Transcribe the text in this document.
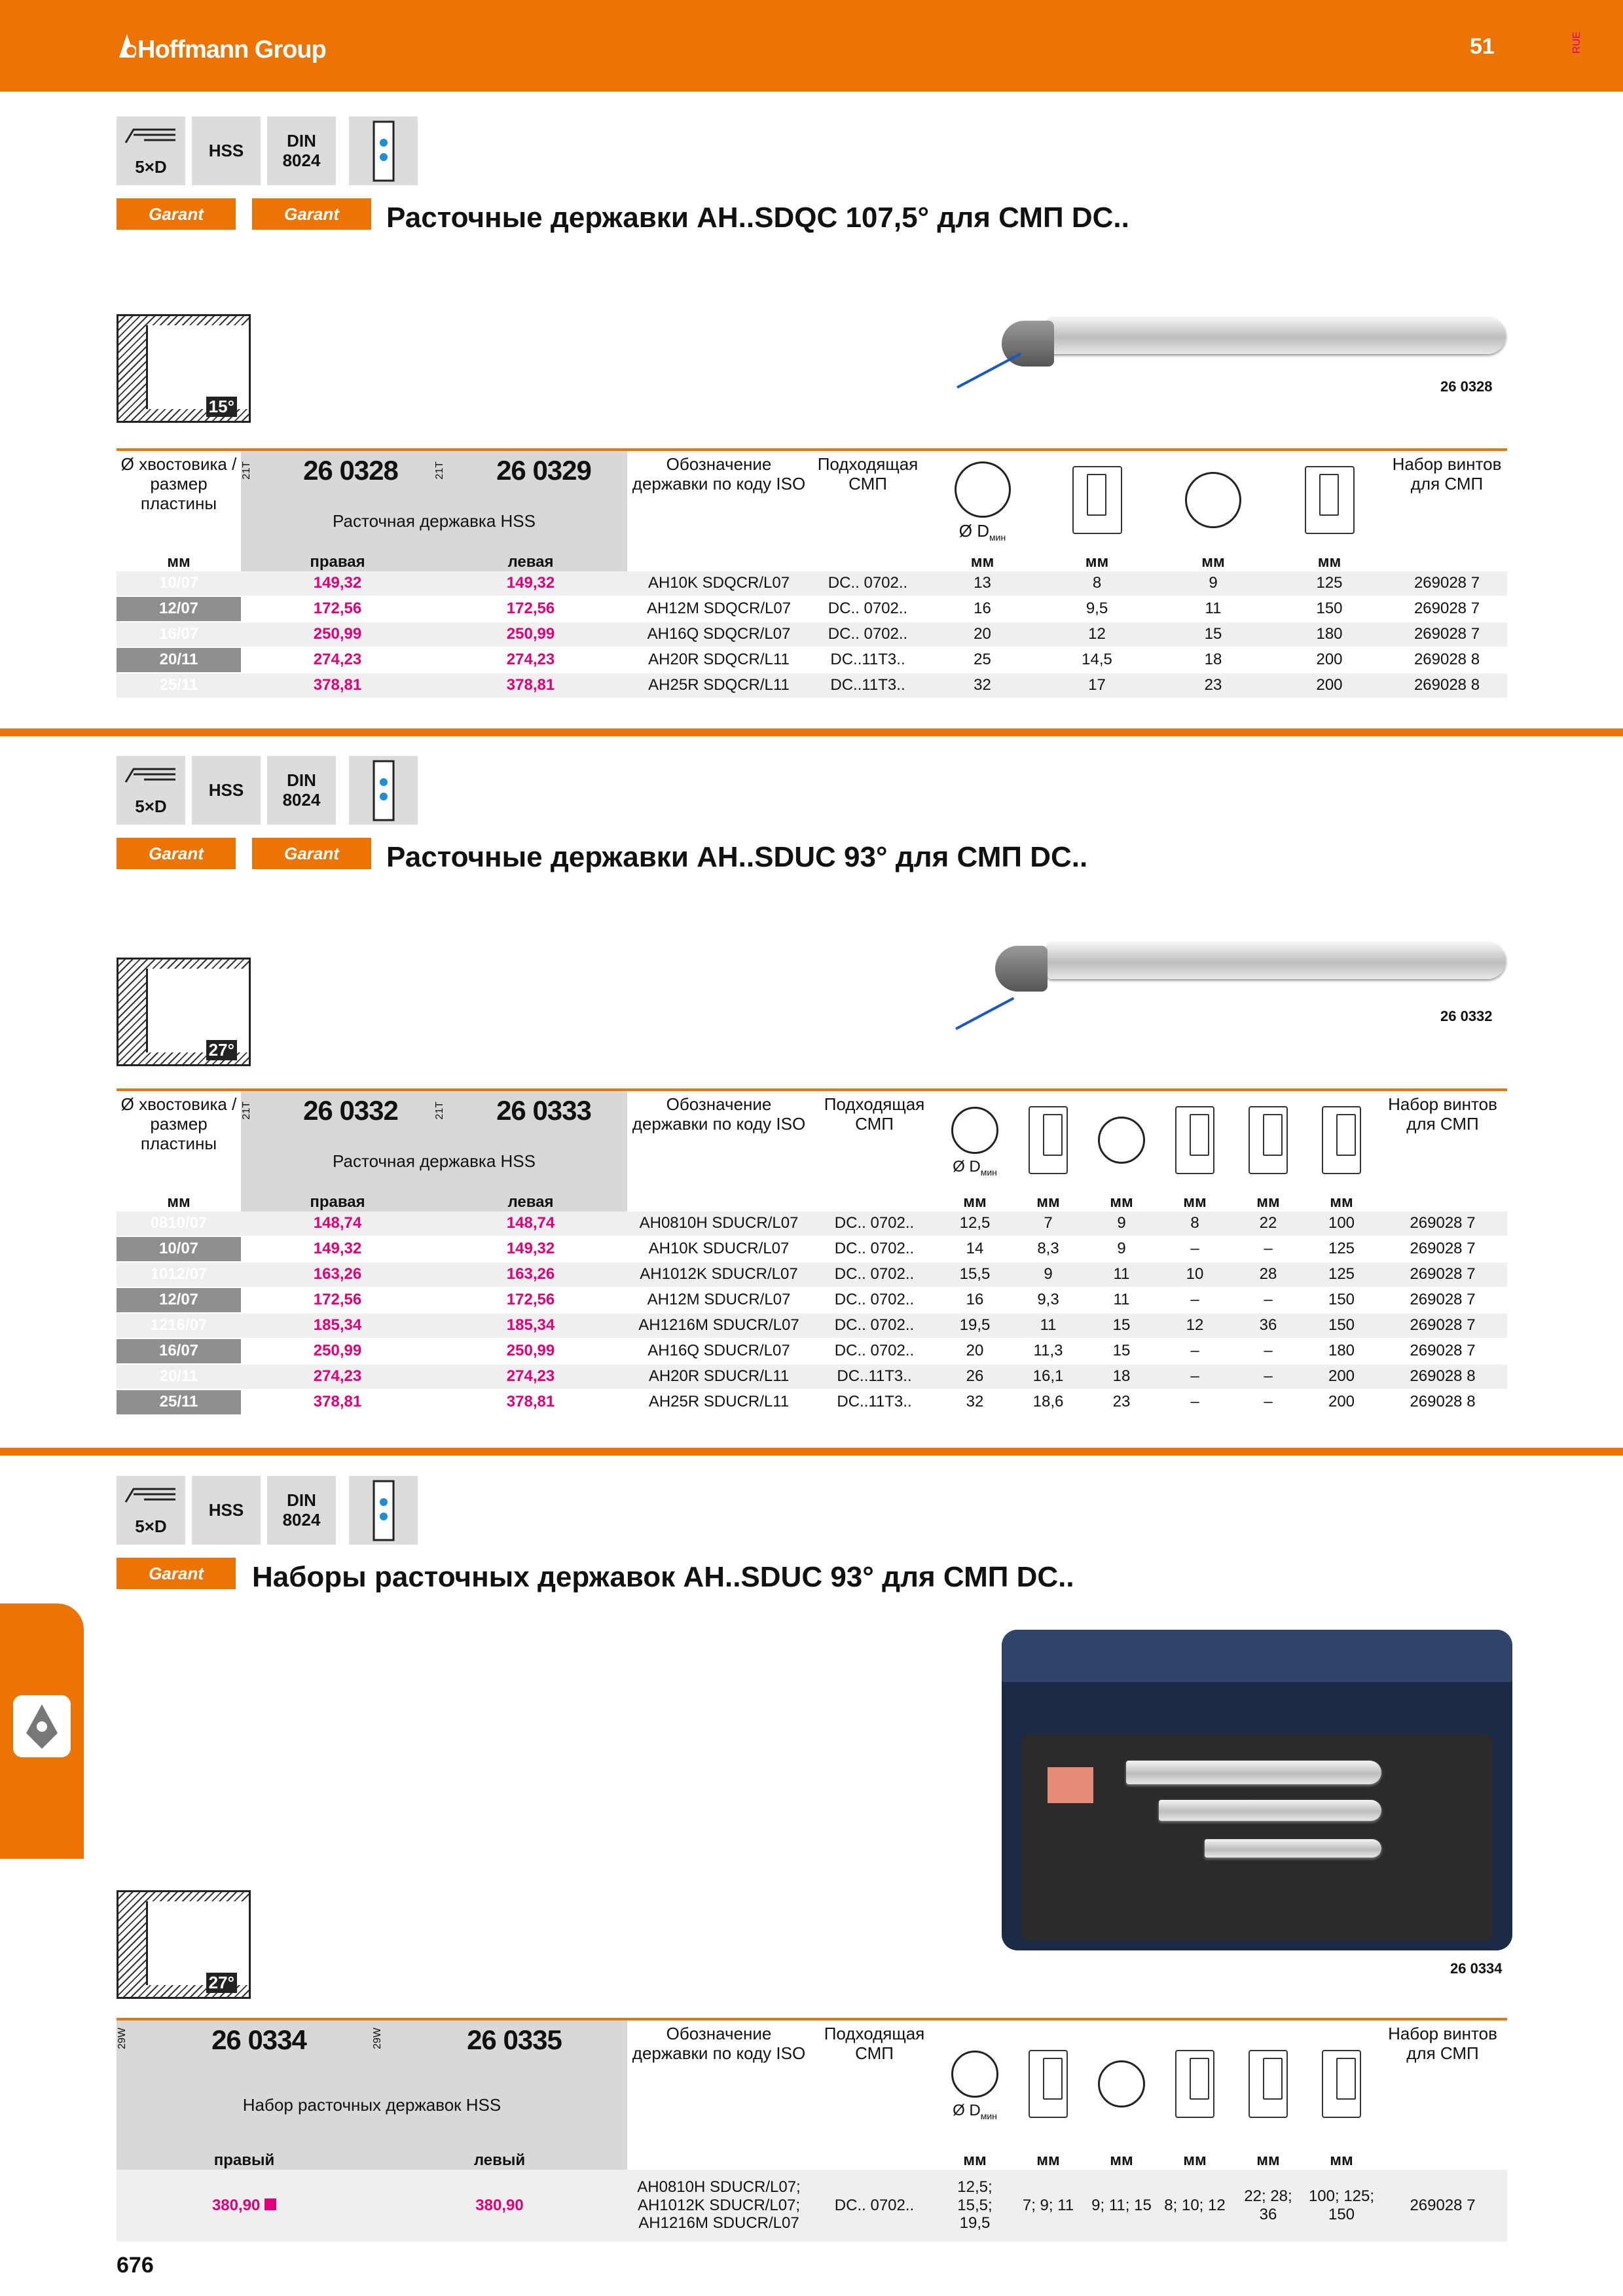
Hoffmann Group	51	RUE
5×D
HSS	DIN
8024
Garant	Garant	Расточные державки AH..SDQC 107,5° для СМП DC..
15°
26 0328
Ø хвостовика / размер пластины	21T 26 0328	21T 26 0329	Обозначение державки по коду ISO	Подходящая СМП	Ø $D_{мин}$				Набор винтов для СМП
	Расточная державка HSS								
мм	правая	левая			мм	мм	мм	мм	
10/07	149,32	149,32	AH10K SDQCR/L07	DC.. 0702..	13	8	9	125	269028 7
12/07	172,56	172,56	AH12M SDQCR/L07	DC.. 0702..	16	9,5	11	150	269028 7
16/07	250,99	250,99	AH16Q SDQCR/L07	DC.. 0702..	20	12	15	180	269028 7
20/11	274,23	274,23	AH20R SDQCR/L11	DC..11T3..	25	14,5	18	200	269028 8
25/11	378,81	378,81	AH25R SDQCR/L11	DC..11T3..	32	17	23	200	269028 8
5×D
HSS	DIN
8024
Garant	Garant	Расточные державки AH..SDUC 93° для СМП DC..
27°
26 0332
Ø хвостовика / размер пластины	21T 26 0332	21T 26 0333	Обозначение державки по коду ISO	Подходящая СМП	Ø $D_{мин}$						Набор винтов для СМП
	Расточная державка HSS										
мм	правая	левая			мм	мм	мм	мм	мм	мм	
0810/07	148,74	148,74	AH0810H SDUCR/L07	DC.. 0702..	12,5	7	9	8	22	100	269028 7
10/07	149,32	149,32	AH10K SDUCR/L07	DC.. 0702..	14	8,3	9	–	–	125	269028 7
1012/07	163,26	163,26	AH1012K SDUCR/L07	DC.. 0702..	15,5	9	11	10	28	125	269028 7
12/07	172,56	172,56	AH12M SDUCR/L07	DC.. 0702..	16	9,3	11	–	–	150	269028 7
1216/07	185,34	185,34	AH1216M SDUCR/L07	DC.. 0702..	19,5	11	15	12	36	150	269028 7
16/07	250,99	250,99	AH16Q SDUCR/L07	DC.. 0702..	20	11,3	15	–	–	180	269028 7
20/11	274,23	274,23	AH20R SDUCR/L11	DC..11T3..	26	16,1	18	–	–	200	269028 8
25/11	378,81	378,81	AH25R SDUCR/L11	DC..11T3..	32	18,6	23	–	–	200	269028 8
5×D
HSS	DIN
8024
Garant	Наборы расточных державок AH..SDUC 93° для СМП DC..
26 0334
27°
29W 26 0334	29W 26 0335	Обозначение державки по коду ISO	Подходящая СМП	Ø $D_{мин}$						Набор винтов для СМП
Набор расточных державок HSS										
правый	левый			мм	мм	мм	мм	мм	мм	
380,90	380,90	AH0810H SDUCR/L07;
AH1012K SDUCR/L07;
AH1216M SDUCR/L07	DC.. 0702..	12,5;
15,5;
19,5	7; 9; 11	9; 11; 15	8; 10; 12	22; 28;
36	100; 125;
150	269028 7
676
